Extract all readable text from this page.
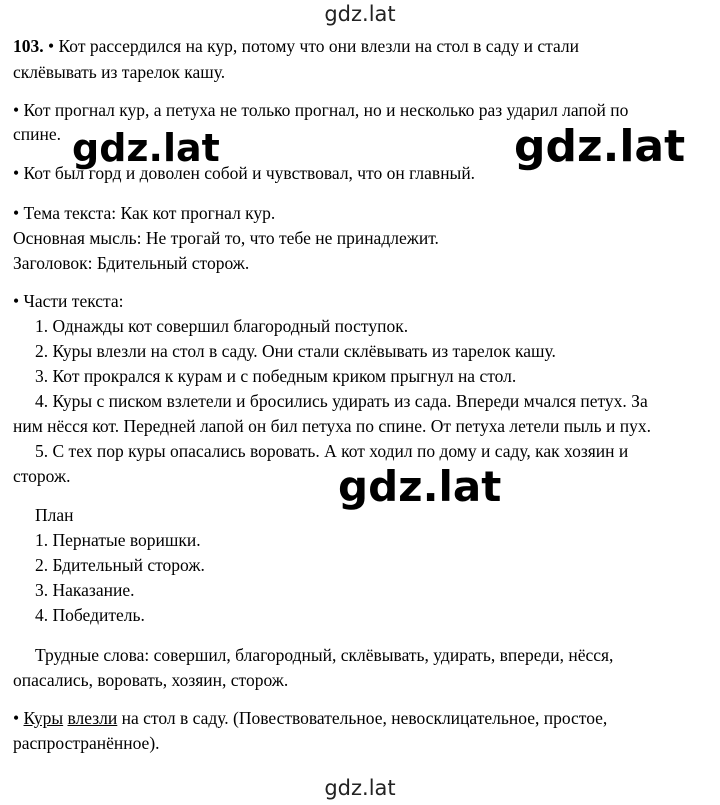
gdz.lat
103. • Кот рассердился на кур, потому что они влезли на стол в саду и стали
склёвывать из тарелок кашу.
• Кот прогнал кур, а петуха не только прогнал, но и несколько раз ударил лапой по
спине.
• Кот был горд и доволен собой и чувствовал, что он главный.
• Тема текста: Как кот прогнал кур.
Основная мысль: Не трогай то, что тебе не принадлежит.
Заголовок: Бдительный сторож.
• Части текста:
1. Однажды кот совершил благородный поступок.
2. Куры влезли на стол в саду. Они стали склёвывать из тарелок кашу.
3. Кот прокрался к курам и с победным криком прыгнул на стол.
4. Куры с писком взлетели и бросились удирать из сада. Впереди мчался петух. За
ним нёсся кот. Передней лапой он бил петуха по спине. От петуха летели пыль и пух.
5. С тех пор куры опасались воровать. А кот ходил по дому и саду, как хозяин и
сторож.
План
1. Пернатые воришки.
2. Бдительный сторож.
3. Наказание.
4. Победитель.
Трудные слова: совершил, благородный, склёвывать, удирать, впереди, нёсся,
опасались, воровать, хозяин, сторож.
• Куры влезли на стол в саду. (Повествовательное, невосклицательное, простое,
распространённое).
gdz.lat	gdz.lat
gdz.lat
gdz.lat
